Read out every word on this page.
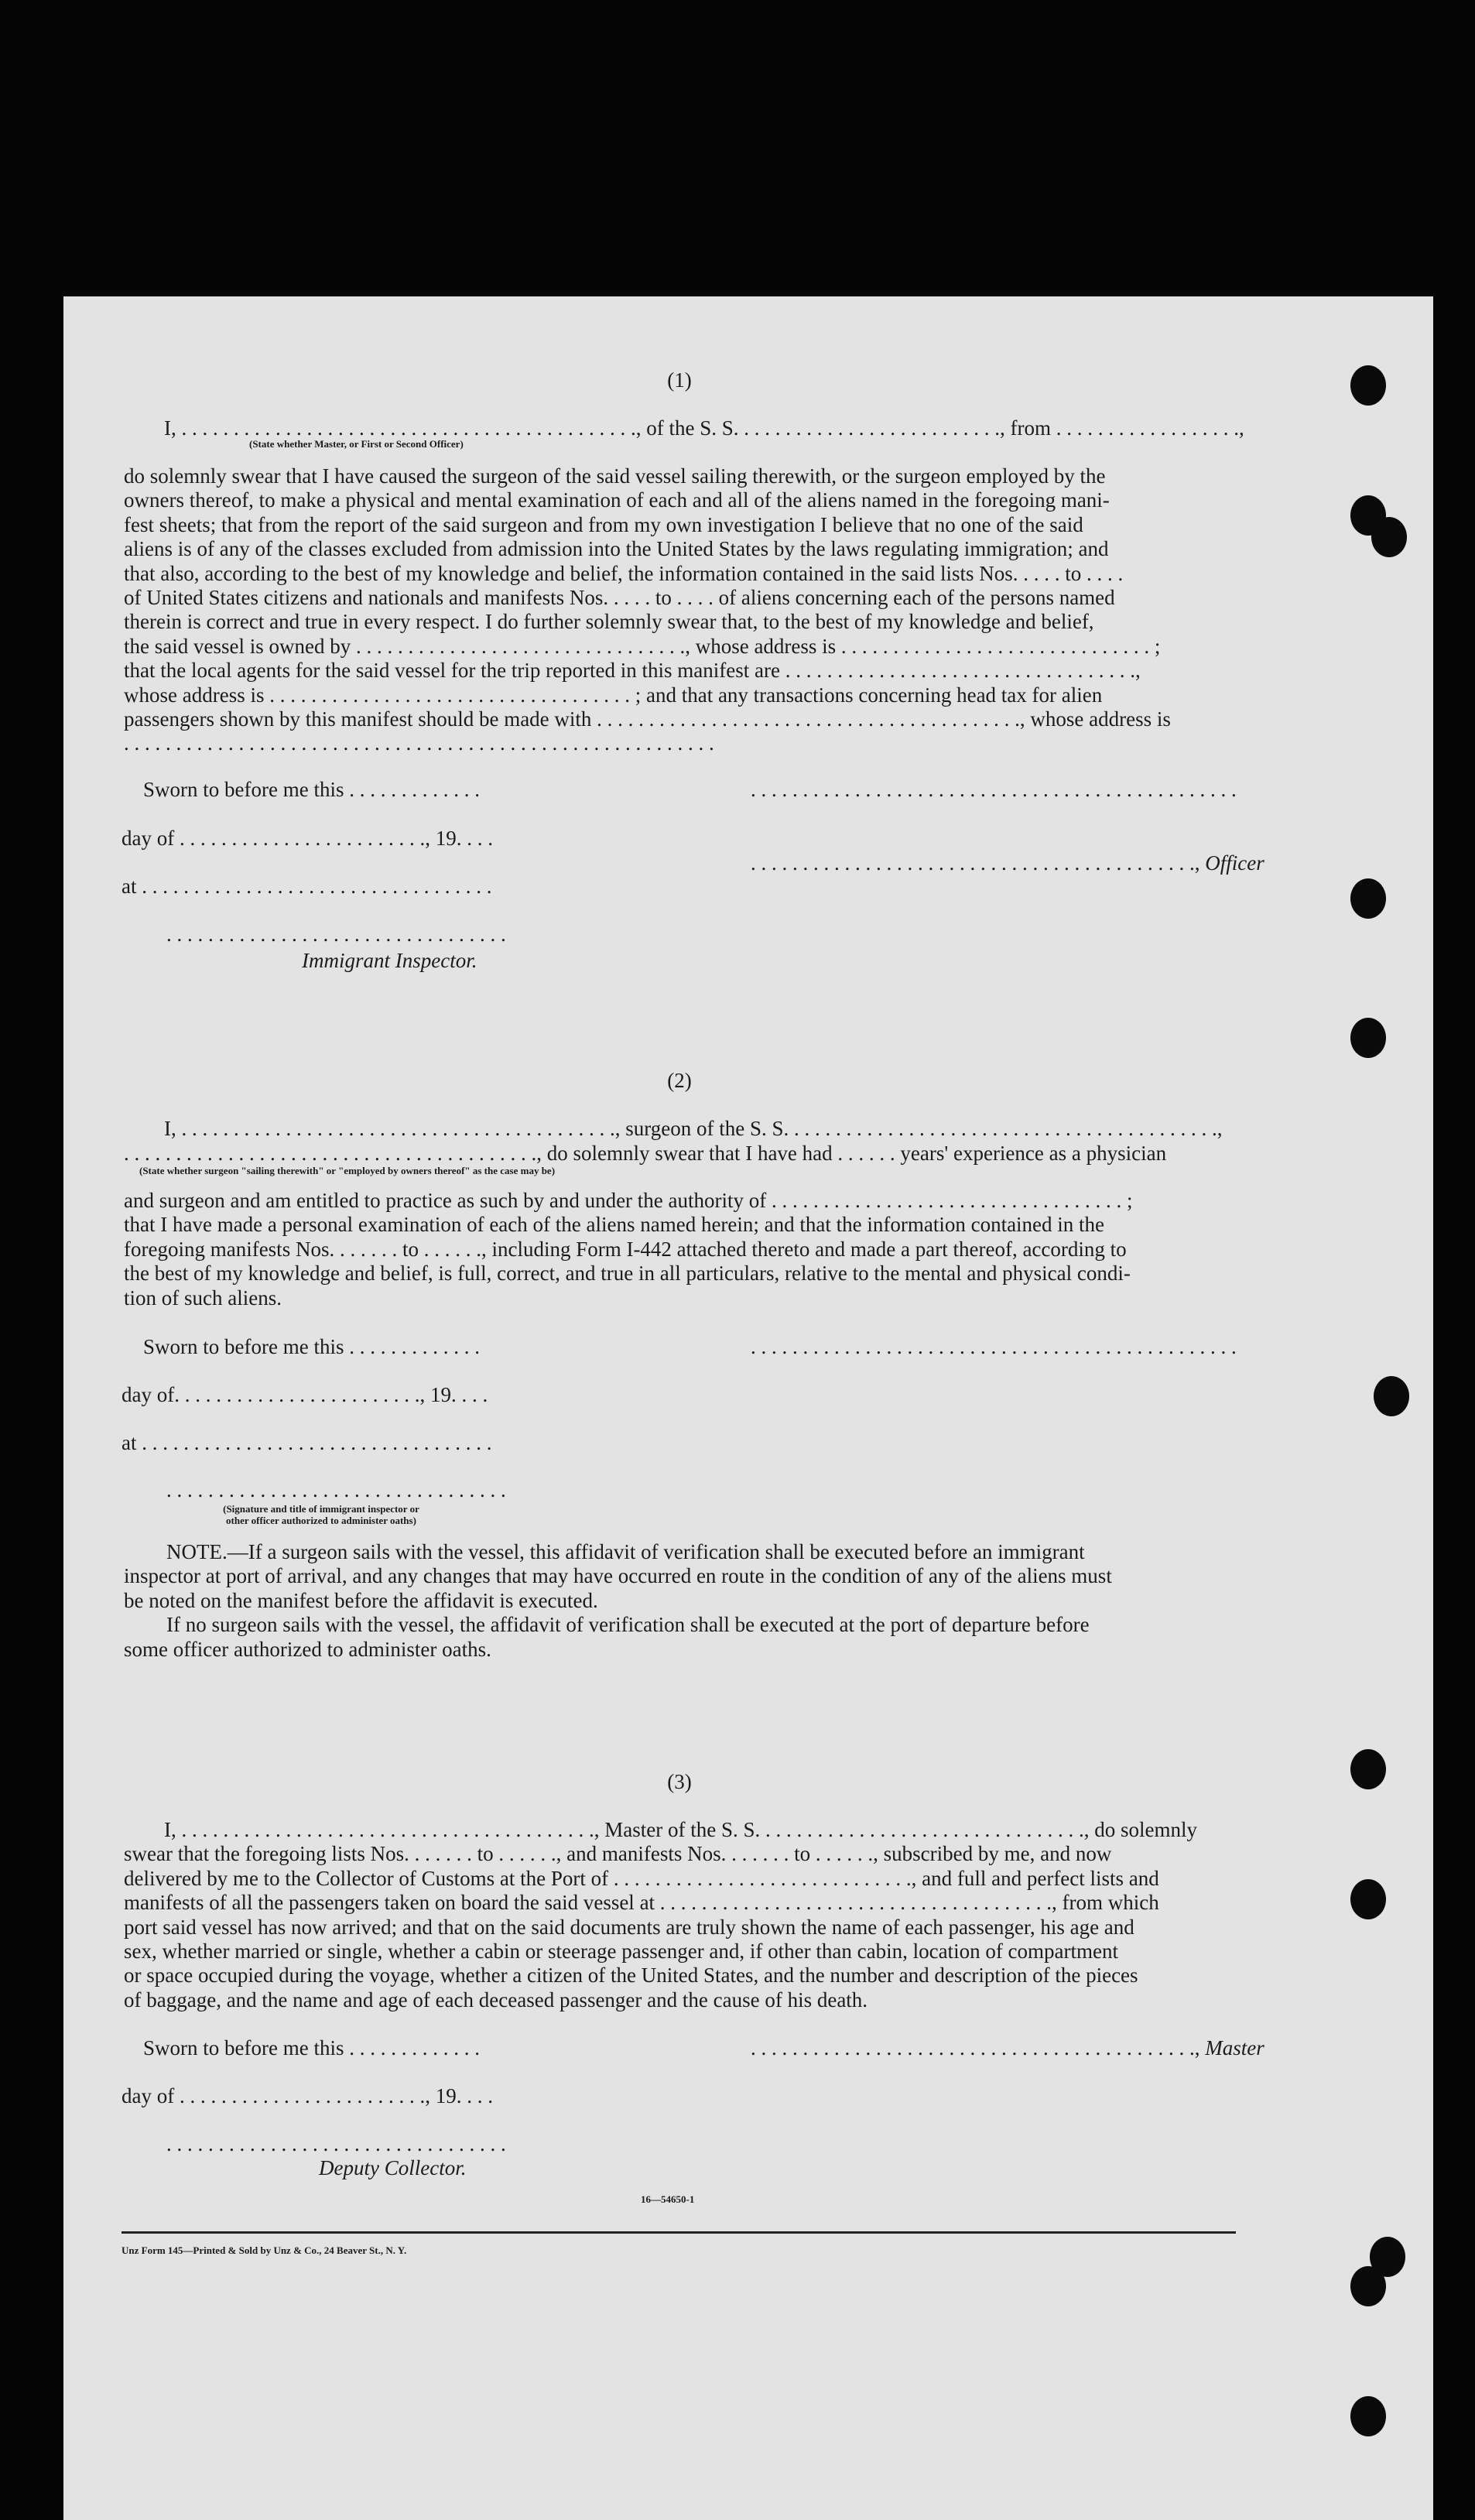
(1)
I, . . . . . . . . . . . . . . . . . . . . . . . . . . . . . . . . . . . . . . . . . . . ., of the S. S. . . . . . . . . . . . . . . . . . . . . . . . . ., from . . . . . . . . . . . . . . . . . .,
(State whether Master, or First or Second Officer)
do solemnly swear that I have caused the surgeon of the said vessel sailing therewith, or the surgeon employed by the
owners thereof, to make a physical and mental examination of each and all of the aliens named in the foregoing mani-
fest sheets; that from the report of the said surgeon and from my own investigation I believe that no one of the said
aliens is of any of the classes excluded from admission into the United States by the laws regulating immigration; and
that also, according to the best of my knowledge and belief, the information contained in the said lists Nos. . . . . to . . . .
of United States citizens and nationals and manifests Nos. . . . . to . . . . of aliens concerning each of the persons named
therein is correct and true in every respect. I do further solemnly swear that, to the best of my knowledge and belief,
the said vessel is owned by . . . . . . . . . . . . . . . . . . . . . . . . . . . . . . . ., whose address is . . . . . . . . . . . . . . . . . . . . . . . . . . . . . . ;
that the local agents for the said vessel for the trip reported in this manifest are . . . . . . . . . . . . . . . . . . . . . . . . . . . . . . . . . .,
whose address is . . . . . . . . . . . . . . . . . . . . . . . . . . . . . . . . . . . ; and that any transactions concerning head tax for alien
passengers shown by this manifest should be made with . . . . . . . . . . . . . . . . . . . . . . . . . . . . . . . . . . . . . . . . ., whose address is
. . . . . . . . . . . . . . . . . . . . . . . . . . . . . . . . . . . . . . . . . . . . . . . . . . . . . . . . .
Sworn to before me this . . . . . . . . . . . . .	. . . . . . . . . . . . . . . . . . . . . . . . . . . . . . . . . . . . . . . . . . . . . . .
day of . . . . . . . . . . . . . . . . . . . . . . . ., 19. . . .
. . . . . . . . . . . . . . . . . . . . . . . . . . . . . . . . . . . . . . . . . . ., Officer
at . . . . . . . . . . . . . . . . . . . . . . . . . . . . . . . . . .
. . . . . . . . . . . . . . . . . . . . . . . . . . . . . . . . .
Immigrant Inspector.
(2)
I, . . . . . . . . . . . . . . . . . . . . . . . . . . . . . . . . . . . . . . . . . ., surgeon of the S. S. . . . . . . . . . . . . . . . . . . . . . . . . . . . . . . . . . . . . . . . . .,
. . . . . . . . . . . . . . . . . . . . . . . . . . . . . . . . . . . . . . . ., do solemnly swear that I have had . . . . . . years' experience as a physician
(State whether surgeon "sailing therewith" or "employed by owners thereof" as the case may be)
and surgeon and am entitled to practice as such by and under the authority of . . . . . . . . . . . . . . . . . . . . . . . . . . . . . . . . . . ;
that I have made a personal examination of each of the aliens named herein; and that the information contained in the
foregoing manifests Nos. . . . . . . to . . . . . ., including Form I-442 attached thereto and made a part thereof, according to
the best of my knowledge and belief, is full, correct, and true in all particulars, relative to the mental and physical condi-
tion of such aliens.
Sworn to before me this . . . . . . . . . . . . .	. . . . . . . . . . . . . . . . . . . . . . . . . . . . . . . . . . . . . . . . . . . . . . .
day of. . . . . . . . . . . . . . . . . . . . . . . ., 19. . . .
at . . . . . . . . . . . . . . . . . . . . . . . . . . . . . . . . . .
. . . . . . . . . . . . . . . . . . . . . . . . . . . . . . . . .
(Signature and title of immigrant inspector or
other officer authorized to administer oaths)
NOTE.—If a surgeon sails with the vessel, this affidavit of verification shall be executed before an immigrant
inspector at port of arrival, and any changes that may have occurred en route in the condition of any of the aliens must
be noted on the manifest before the affidavit is executed.
If no surgeon sails with the vessel, the affidavit of verification shall be executed at the port of departure before
some officer authorized to administer oaths.
(3)
I, . . . . . . . . . . . . . . . . . . . . . . . . . . . . . . . . . . . . . . . ., Master of the S. S. . . . . . . . . . . . . . . . . . . . . . . . . . . . . . . ., do solemnly
swear that the foregoing lists Nos. . . . . . . to . . . . . ., and manifests Nos. . . . . . . to . . . . . ., subscribed by me, and now
delivered by me to the Collector of Customs at the Port of . . . . . . . . . . . . . . . . . . . . . . . . . . . . ., and full and perfect lists and
manifests of all the passengers taken on board the said vessel at . . . . . . . . . . . . . . . . . . . . . . . . . . . . . . . . . . . . . ., from which
port said vessel has now arrived; and that on the said documents are truly shown the name of each passenger, his age and
sex, whether married or single, whether a cabin or steerage passenger and, if other than cabin, location of compartment
or space occupied during the voyage, whether a citizen of the United States, and the number and description of the pieces
of baggage, and the name and age of each deceased passenger and the cause of his death.
Sworn to before me this . . . . . . . . . . . . .	. . . . . . . . . . . . . . . . . . . . . . . . . . . . . . . . . . . . . . . . . . ., Master
day of . . . . . . . . . . . . . . . . . . . . . . . ., 19. . . .
. . . . . . . . . . . . . . . . . . . . . . . . . . . . . . . . .
Deputy Collector.
16—54650-1
Unz Form 145—Printed & Sold by Unz & Co., 24 Beaver St., N. Y.
